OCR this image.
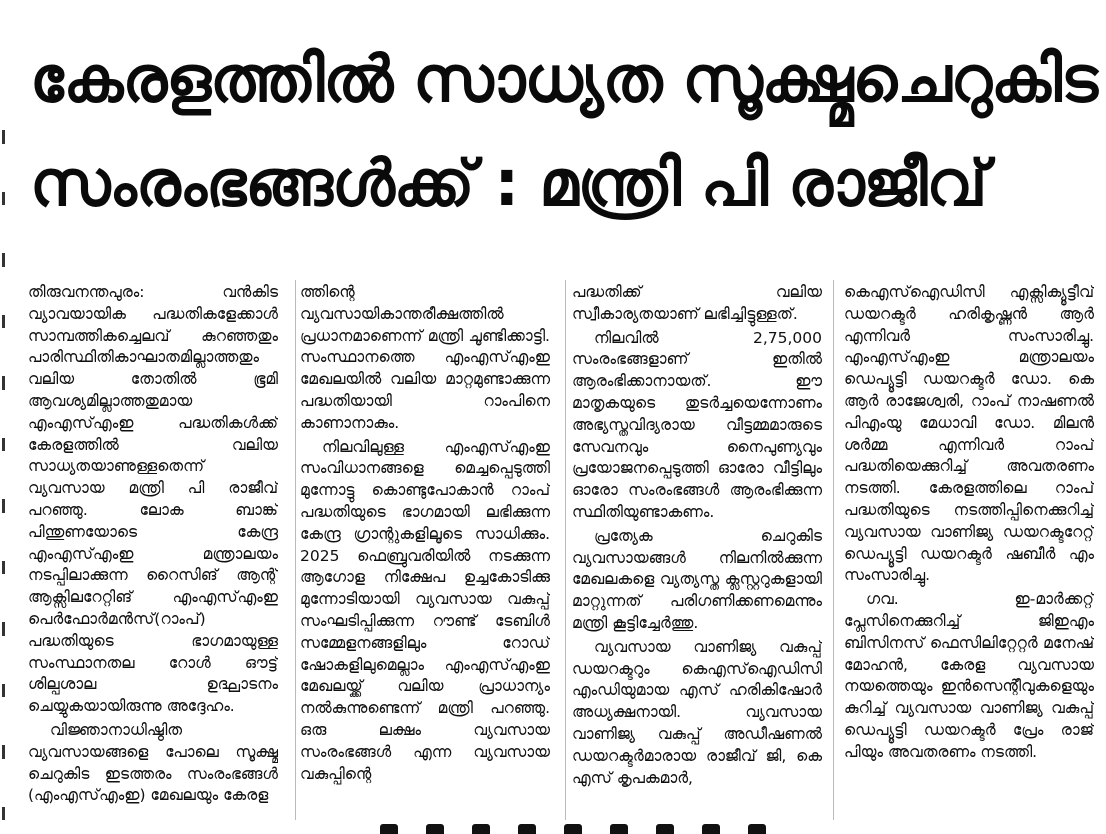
കേരളത്തിൽ സാധ്യത സൂക്ഷ്മചെറുകിട
സംരംഭങ്ങൾക്ക് : മന്ത്രി പി രാജീവ്

തിരുവനന്തപുരം: വൻകിട വ്യാവയായിക പദ്ധതികളേക്കാൾ സാമ്പത്തികച്ചെലവ് കുറഞ്ഞതും പാരിസ്ഥിതികാഘാതമില്ലാത്തതും വലിയ തോതിൽ ഭൂമി ആവശ്യമില്ലാത്തതുമായ എംഎസ്എംഇ പദ്ധതികൾക്ക് കേരളത്തിൽ വലിയ സാധ്യതയാണുള്ളതെന്ന് വ്യവസായ മന്ത്രി പി രാജീവ് പറഞ്ഞു. ലോക ബാങ്ക് പിന്തുണയോടെ കേന്ദ്ര എംഎസ്എംഇ മന്ത്രാലയം നടപ്പിലാക്കുന്ന റൈസിങ് ആന്റ് ആക്സിലറേറ്റിങ് എംഎസ്എംഇ പെർഫോർമൻസ്(റാംപ്) പദ്ധതിയുടെ ഭാഗമായുള്ള സംസ്ഥാനതല റോൾ ഔട്ട് ശില്പശാല ഉദ്ഘാടനം ചെയ്യുകയായിരുന്നു അദ്ദേഹം.

വിജ്ഞാനാധിഷ്ഠിത വ്യവസായങ്ങളെ പോലെ സൂക്ഷ്മ ചെറുകിട ഇടത്തരം സംരംഭങ്ങൾ (എംഎസ്എംഇ) മേഖലയും കേരള

ത്തിന്റെ വ്യവസായികാന്തരീക്ഷത്തിൽ പ്രധാനമാണെന്ന് മന്ത്രി ചൂണ്ടിക്കാട്ടി. സംസ്ഥാനത്തെ എംഎസ്എംഇ മേഖലയിൽ വലിയ മാറ്റമുണ്ടാക്കുന്ന പദ്ധതിയായി റാംപിനെ കാണാനാകും.

നിലവിലുള്ള എംഎസ്എംഇ സംവിധാനങ്ങളെ മെച്ചപ്പെടുത്തി മുന്നോട്ടു കൊണ്ടുപോകാൻ റാംപ് പദ്ധതിയുടെ ഭാഗമായി ലഭിക്കുന്ന കേന്ദ്ര ഗ്രാന്റുകളിലൂടെ സാധിക്കും. 2025 ഫെബ്രുവരിയിൽ നടക്കുന്ന ആഗോള നിക്ഷേപ ഉച്ചകോടിക്കു മുന്നോടിയായി വ്യവസായ വകുപ്പ് സംഘടിപ്പിക്കുന്ന റൗണ്ട് ടേബിൾ സമ്മേളനങ്ങളിലും റോഡ് ഷോകളിലുമെല്ലാം എംഎസ്എംഇ മേഖലയ്ക്ക് വലിയ പ്രാധാന്യം നൽകുന്നുണ്ടെന്ന് മന്ത്രി പറഞ്ഞു. ഒരു ലക്ഷം വ്യവസായ സംരംഭങ്ങൾ എന്ന വ്യവസായ വകുപ്പിന്റെ

പദ്ധതിക്ക് വലിയ സ്വീകാര്യതയാണ് ലഭിച്ചിട്ടുള്ളത്.

നിലവിൽ 2,75,000 സംരംഭങ്ങളാണ് ഇതിൽ ആരംഭിക്കാനായത്. ഈ മാതൃകയുടെ തുടർച്ചയെന്നോണം അഭ്യസ്തവിദ്യരായ വീട്ടമ്മമാരുടെ സേവനവും നൈപുണ്യവും പ്രയോജനപ്പെടുത്തി ഓരോ വീട്ടിലും ഓരോ സംരംഭങ്ങൾ ആരംഭിക്കുന്ന സ്ഥിതിയുണ്ടാകണം.

പ്രത്യേക ചെറുകിട വ്യവസായങ്ങൾ നിലനിൽക്കുന്ന മേഖലകളെ വ്യത്യസ്ത ക്ലസ്റ്ററുകളായി മാറ്റുന്നത് പരിഗണിക്കണമെന്നും മന്ത്രി കൂട്ടിച്ചേർത്തു.

വ്യവസായ വാണിജ്യ വകുപ്പ് ഡയറക്ടറും കെഎസ്ഐഡിസി എംഡിയുമായ എസ് ഹരികിഷോർ അധ്യക്ഷനായി. വ്യവസായ വാണിജ്യ വകുപ്പ് അഡീഷണൽ ഡയറക്ടർമാരായ രാജീവ് ജി, കെ എസ് കൃപകമാർ,

കെഎസ്ഐഡിസി എക്സിക്യൂട്ടീവ് ഡയറക്ടർ ഹരികൃഷ്ണൻ ആർ എന്നിവർ സംസാരിച്ചു. എംഎസ്എംഇ മന്ത്രാലയം ഡെപ്യൂട്ടി ഡയറക്ടർ ഡോ. കെ ആർ രാജേശ്വരി, റാംപ് നാഷണൽ പിഎംയു മേധാവി ഡോ. മിലൻ ശർമ്മ എന്നിവർ റാംപ് പദ്ധതിയെക്കുറിച്ച് അവതരണം നടത്തി. കേരളത്തിലെ റാംപ് പദ്ധതിയുടെ നടത്തിപ്പിനെക്കുറിച്ച് വ്യവസായ വാണിജ്യ ഡയറക്ടറേറ്റ് ഡെപ്യൂട്ടി ഡയറക്ടർ ഷബീർ എം സംസാരിച്ചു.

ഗവ. ഇ-മാർക്കറ്റ് പ്ലേസിനെക്കുറിച്ച് ജിഇഎം ബിസിനസ് ഫെസിലിറ്റേറ്റർ മനേഷ് മോഹൻ, കേരള വ്യവസായ നയത്തെയും ഇൻസെന്റീവുകളെയും കുറിച്ച് വ്യവസായ വാണിജ്യ വകുപ്പ് ഡെപ്യൂട്ടി ഡയറക്ടർ പ്രേം രാജ് പിയും അവതരണം നടത്തി.
